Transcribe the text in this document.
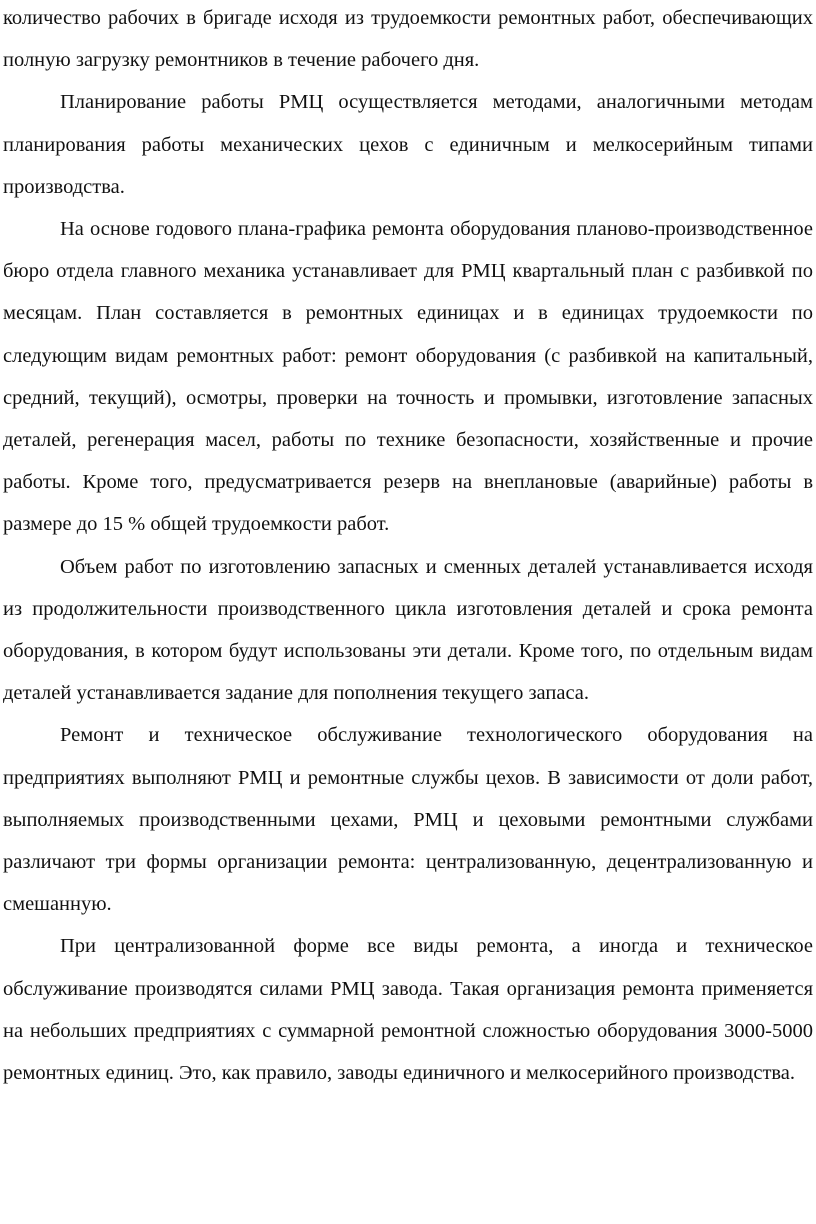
количество рабочих в бригаде исходя из трудоемкости ремонтных работ, обеспечивающих полную загрузку ремонтников в течение рабочего дня.

Планирование работы РМЦ осуществляется методами, аналогичными методам планирования работы механических цехов с единичным и мелкосерийным типами производства.

На основе годового плана-графика ремонта оборудования планово-производственное бюро отдела главного механика устанавливает для РМЦ квартальный план с разбивкой по месяцам. План составляется в ремонтных единицах и в единицах трудоемкости по следующим видам ремонтных работ: ремонт оборудования (с разбивкой на капитальный, средний, текущий), осмотры, проверки на точность и промывки, изготовление запасных деталей, регенерация масел, работы по технике безопасности, хозяйственные и прочие работы. Кроме того, предусматривается резерв на внеплановые (аварийные) работы в размере до 15 % общей трудоемкости работ.

Объем работ по изготовлению запасных и сменных деталей устанавливается исходя из продолжительности производственного цикла изготовления деталей и срока ремонта оборудования, в котором будут использованы эти детали. Кроме того, по отдельным видам деталей устанавливается задание для пополнения текущего запаса.

Ремонт и техническое обслуживание технологического оборудования на предприятиях выполняют РМЦ и ремонтные службы цехов. В зависимости от доли работ, выполняемых производственными цехами, РМЦ и цеховыми ремонтными службами различают три формы организации ремонта: централизованную, децентрализованную и смешанную.

При централизованной форме все виды ремонта, а иногда и техническое обслуживание производятся силами РМЦ завода. Такая организация ремонта применяется на небольших предприятиях с суммарной ремонтной сложностью оборудования 3000-5000 ремонтных единиц. Это, как правило, заводы единичного и мелкосерийного производства.
